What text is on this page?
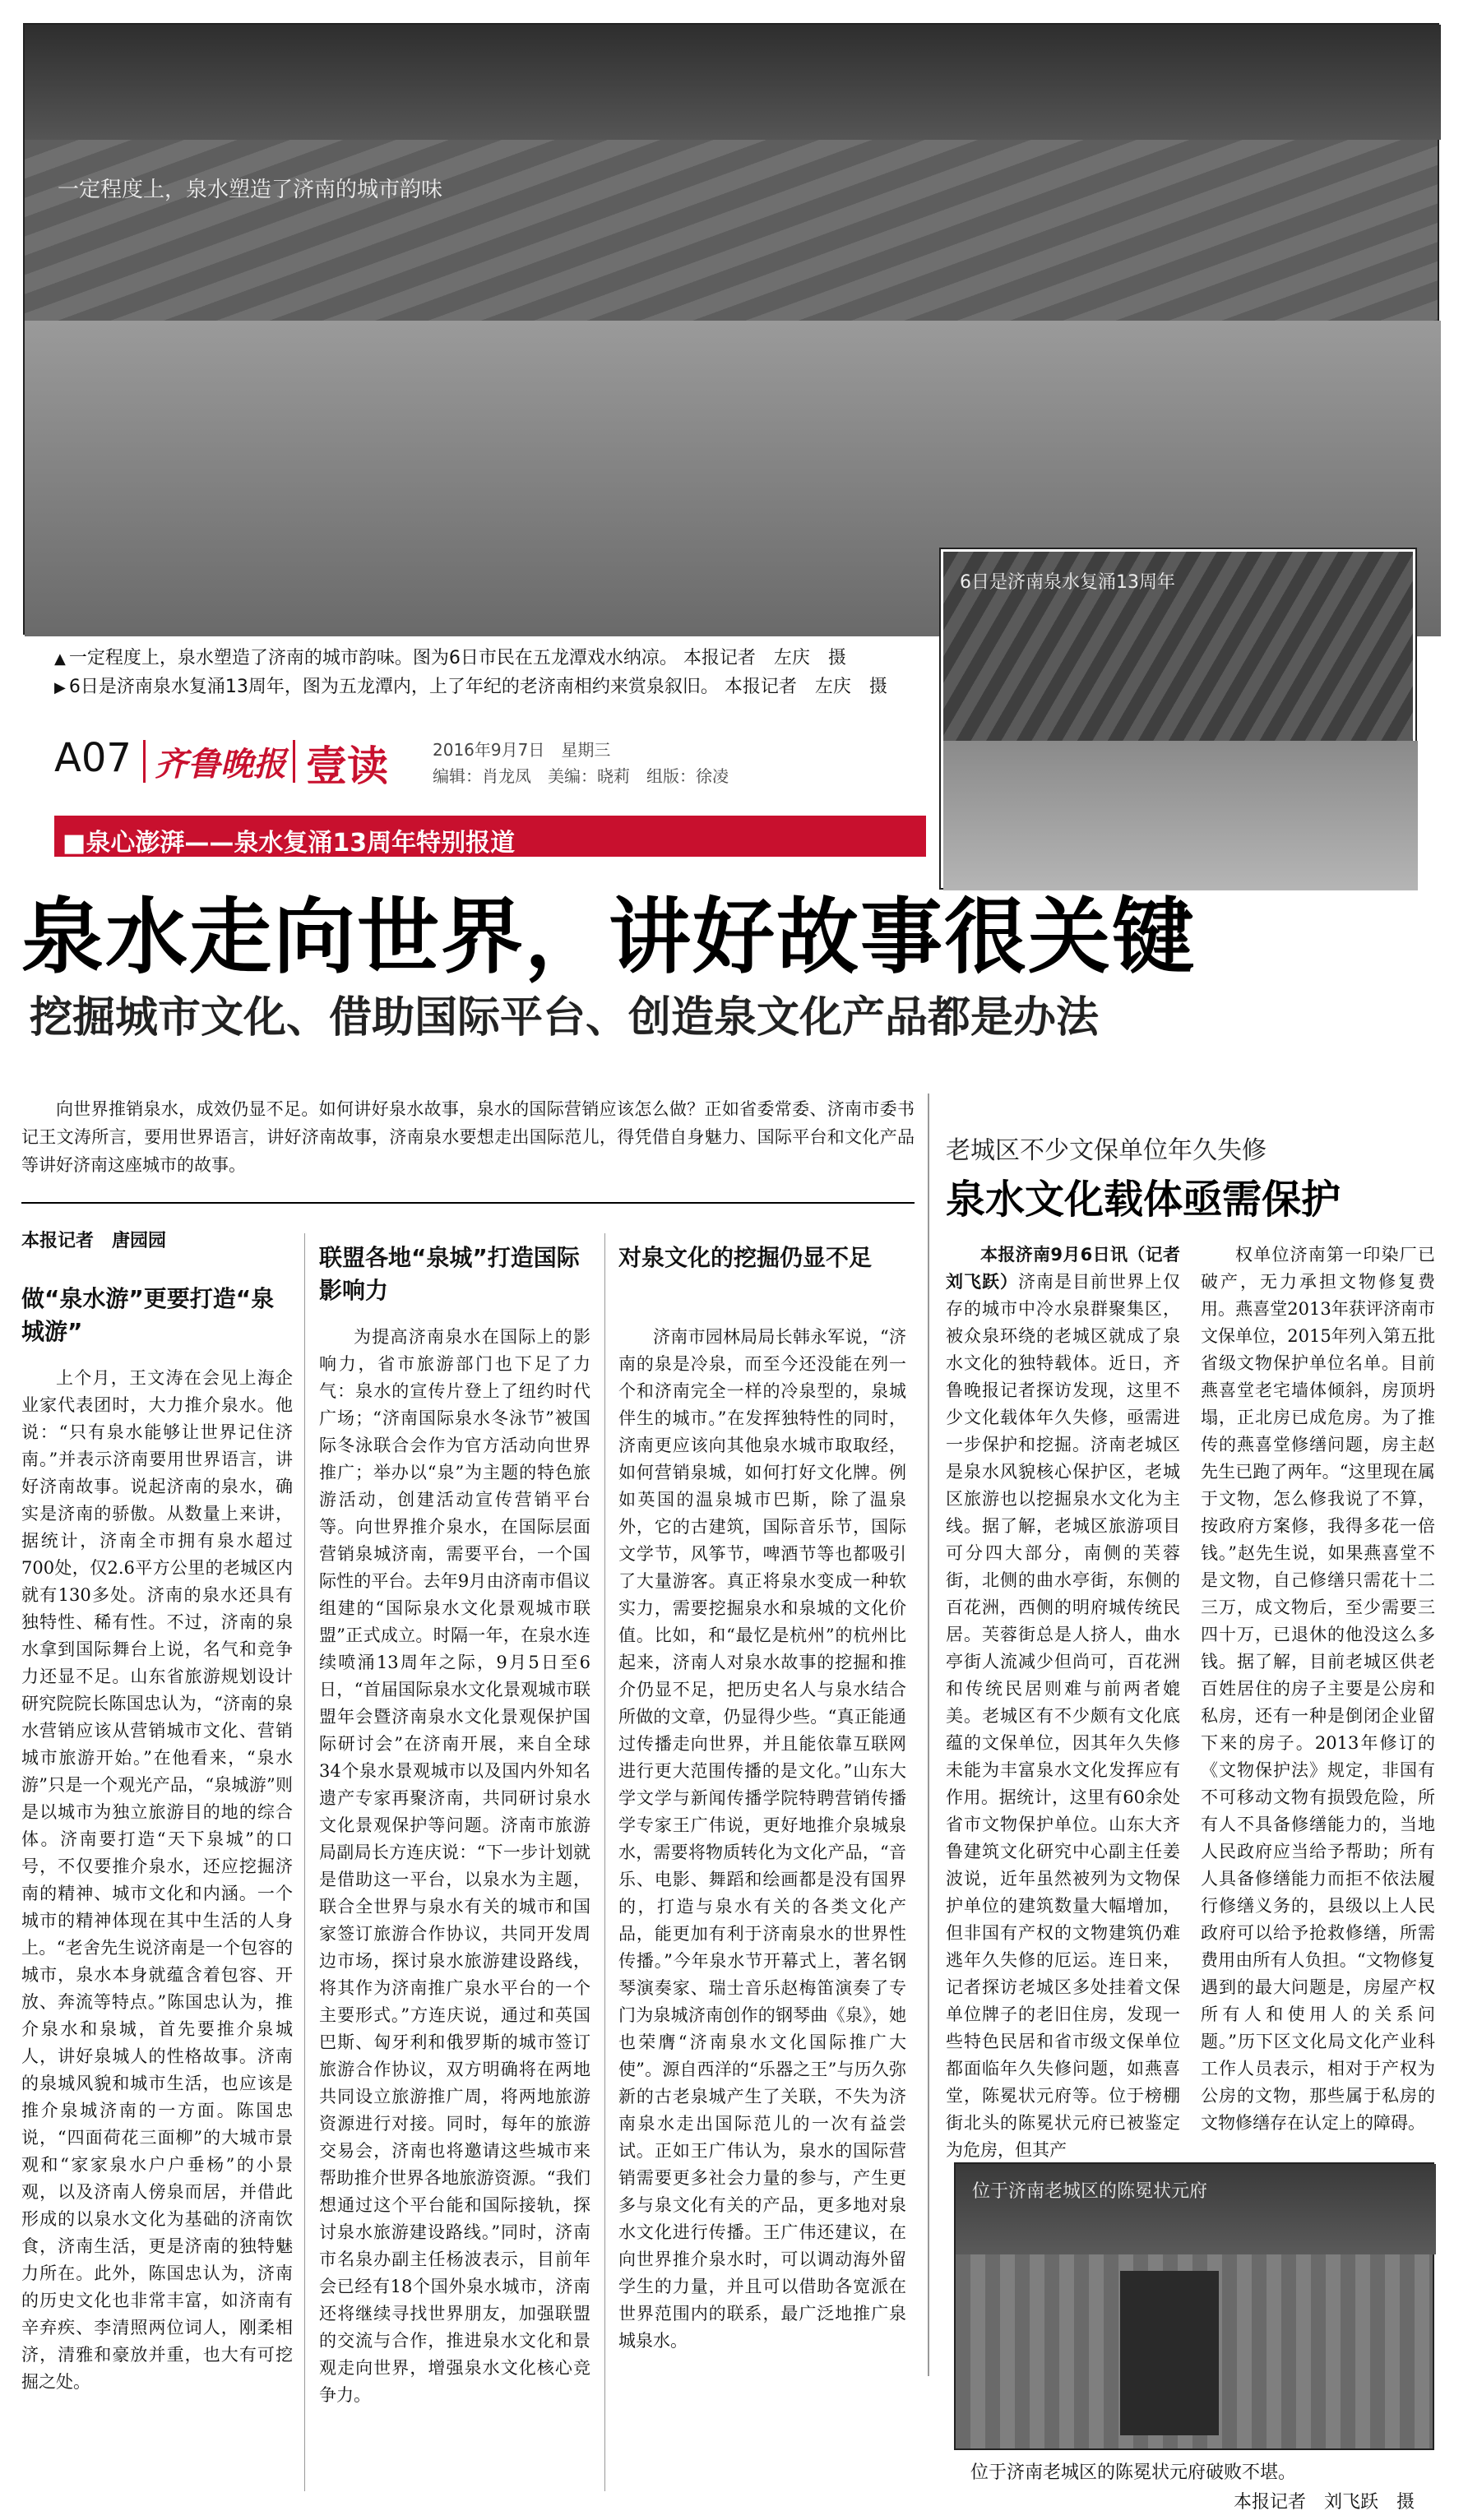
一定程度上，泉水塑造了济南的城市韵味
6日是济南泉水复涌13周年
▲ 一定程度上，泉水塑造了济南的城市韵味。图为6日市民在五龙潭戏水纳凉。 本报记者　左庆　摄
▶ 6日是济南泉水复涌13周年，图为五龙潭内，上了年纪的老济南相约来赏泉叙旧。 本报记者　左庆　摄
A07 齐鲁晚报 壹读	2016年9月7日　星期三
编辑：肖龙凤　美编：晓莉　组版：徐凌
■泉心澎湃——泉水复涌13周年特别报道
泉水走向世界，讲好故事很关键
挖掘城市文化、借助国际平台、创造泉文化产品都是办法

向世界推销泉水，成效仍显不足。如何讲好泉水故事，泉水的国际营销应该怎么做？正如省委常委、济南市委书记王文涛所言，要用世界语言，讲好济南故事，济南泉水要想走出国际范儿，得凭借自身魅力、国际平台和文化产品等讲好济南这座城市的故事。	老城区不少文保单位年久失修
泉水文化载体亟需保护
本报记者　唐园园
做“泉水游”更要打造“泉城游”

上个月，王文涛在会见上海企业家代表团时，大力推介泉水。他说：“只有泉水能够让世界记住济南。”并表示济南要用世界语言，讲好济南故事。说起济南的泉水，确实是济南的骄傲。从数量上来讲，据统计，济南全市拥有泉水超过700处，仅2.6平方公里的老城区内就有130多处。济南的泉水还具有独特性、稀有性。不过，济南的泉水拿到国际舞台上说，名气和竞争力还显不足。山东省旅游规划设计研究院院长陈国忠认为，“济南的泉水营销应该从营销城市文化、营销城市旅游开始。”在他看来，“泉水游”只是一个观光产品，“泉城游”则是以城市为独立旅游目的地的综合体。济南要打造“天下泉城”的口号，不仅要推介泉水，还应挖掘济南的精神、城市文化和内涵。一个城市的精神体现在其中生活的人身上。“老舍先生说济南是一个包容的城市，泉水本身就蕴含着包容、开放、奔流等特点。”陈国忠认为，推介泉水和泉城，首先要推介泉城人，讲好泉城人的性格故事。济南的泉城风貌和城市生活，也应该是推介泉城济南的一方面。陈国忠说，“四面荷花三面柳”的大城市景观和“家家泉水户户垂杨”的小景观，以及济南人傍泉而居，并借此形成的以泉水文化为基础的济南饮食，济南生活，更是济南的独特魅力所在。此外，陈国忠认为，济南的历史文化也非常丰富，如济南有辛弃疾、李清照两位词人，刚柔相济，清雅和豪放并重，也大有可挖掘之处。

联盟各地“泉城”打造国际影响力

为提高济南泉水在国际上的影响力，省市旅游部门也下足了力气：泉水的宣传片登上了纽约时代广场；“济南国际泉水冬泳节”被国际冬泳联合会作为官方活动向世界推广；举办以“泉”为主题的特色旅游活动，创建活动宣传营销平台等。向世界推介泉水，在国际层面营销泉城济南，需要平台，一个国际性的平台。去年9月由济南市倡议组建的“国际泉水文化景观城市联盟”正式成立。时隔一年，在泉水连续喷涌13周年之际，9月5日至6日，“首届国际泉水文化景观城市联盟年会暨济南泉水文化景观保护国际研讨会”在济南开展，来自全球34个泉水景观城市以及国内外知名遗产专家再聚济南，共同研讨泉水文化景观保护等问题。济南市旅游局副局长方连庆说：“下一步计划就是借助这一平台，以泉水为主题，联合全世界与泉水有关的城市和国家签订旅游合作协议，共同开发周边市场，探讨泉水旅游建设路线，将其作为济南推广泉水平台的一个主要形式。”方连庆说，通过和英国巴斯、匈牙利和俄罗斯的城市签订旅游合作协议，双方明确将在两地共同设立旅游推广周，将两地旅游资源进行对接。同时，每年的旅游交易会，济南也将邀请这些城市来帮助推介世界各地旅游资源。“我们想通过这个平台能和国际接轨，探讨泉水旅游建设路线。”同时，济南市名泉办副主任杨波表示，目前年会已经有18个国外泉水城市，济南还将继续寻找世界朋友，加强联盟的交流与合作，推进泉水文化和景观走向世界，增强泉水文化核心竞争力。

对泉文化的挖掘仍显不足

济南市园林局局长韩永军说，“济南的泉是冷泉，而至今还没能在列一个和济南完全一样的冷泉型的，泉城伴生的城市。”在发挥独特性的同时，济南更应该向其他泉水城市取取经，如何营销泉城，如何打好文化牌。例如英国的温泉城市巴斯，除了温泉外，它的古建筑，国际音乐节，国际文学节，风筝节，啤酒节等也都吸引了大量游客。真正将泉水变成一种软实力，需要挖掘泉水和泉城的文化价值。比如，和“最忆是杭州”的杭州比起来，济南人对泉水故事的挖掘和推介仍显不足，把历史名人与泉水结合所做的文章，仍显得少些。“真正能通过传播走向世界，并且能依靠互联网进行更大范围传播的是文化。”山东大学文学与新闻传播学院特聘营销传播学专家王广伟说，更好地推介泉城泉水，需要将物质转化为文化产品，“音乐、电影、舞蹈和绘画都是没有国界的，打造与泉水有关的各类文化产品，能更加有利于济南泉水的世界性传播。”今年泉水节开幕式上，著名钢琴演奏家、瑞士音乐赵梅笛演奏了专门为泉城济南创作的钢琴曲《泉》，她也荣膺“济南泉水文化国际推广大使”。源自西洋的“乐器之王”与历久弥新的古老泉城产生了关联，不失为济南泉水走出国际范儿的一次有益尝试。正如王广伟认为，泉水的国际营销需要更多社会力量的参与，产生更多与泉文化有关的产品，更多地对泉水文化进行传播。王广伟还建议，在向世界推介泉水时，可以调动海外留学生的力量，并且可以借助各宽派在世界范围内的联系，最广泛地推广泉城泉水。

本报济南9月6日讯（记者　刘飞跃）济南是目前世界上仅存的城市中冷水泉群聚集区，被众泉环绕的老城区就成了泉水文化的独特载体。近日，齐鲁晚报记者探访发现，这里不少文化载体年久失修，亟需进一步保护和挖掘。济南老城区是泉水风貌核心保护区，老城区旅游也以挖掘泉水文化为主线。据了解，老城区旅游项目可分四大部分，南侧的芙蓉街，北侧的曲水亭街，东侧的百花洲，西侧的明府城传统民居。芙蓉街总是人挤人，曲水亭街人流减少但尚可，百花洲和传统民居则难与前两者媲美。老城区有不少颇有文化底蕴的文保单位，因其年久失修未能为丰富泉水文化发挥应有作用。据统计，这里有60余处省市文物保护单位。山东大齐鲁建筑文化研究中心副主任姜波说，近年虽然被列为文物保护单位的建筑数量大幅增加，但非国有产权的文物建筑仍难逃年久失修的厄运。连日来，记者探访老城区多处挂着文保单位牌子的老旧住房，发现一些特色民居和省市级文保单位都面临年久失修问题，如燕喜堂，陈冕状元府等。位于榜棚街北头的陈冕状元府已被鉴定为危房，但其产

权单位济南第一印染厂已破产，无力承担文物修复费用。燕喜堂2013年获评济南市文保单位，2015年列入第五批省级文物保护单位名单。目前燕喜堂老宅墙体倾斜，房顶坍塌，正北房已成危房。为了推传的燕喜堂修缮问题，房主赵先生已跑了两年。“这里现在属于文物，怎么修我说了不算，按政府方案修，我得多花一倍钱。”赵先生说，如果燕喜堂不是文物，自己修缮只需花十二三万，成文物后，至少需要三四十万，已退休的他没这么多钱。据了解，目前老城区供老百姓居住的房子主要是公房和私房，还有一种是倒闭企业留下来的房子。2013年修订的《文物保护法》规定，非国有不可移动文物有损毁危险，所有人不具备修缮能力的，当地人民政府应当给予帮助；所有人具备修缮能力而拒不依法履行修缮义务的，县级以上人民政府可以给予抢救修缮，所需费用由所有人负担。“文物修复遇到的最大问题是，房屋产权所有人和使用人的关系问题。”历下区文化局文化产业科工作人员表示，相对于产权为公房的文物，那些属于私房的文物修缮存在认定上的障碍。

位于济南老城区的陈冕状元府
位于济南老城区的陈冕状元府破败不堪。
本报记者　刘飞跃　摄
